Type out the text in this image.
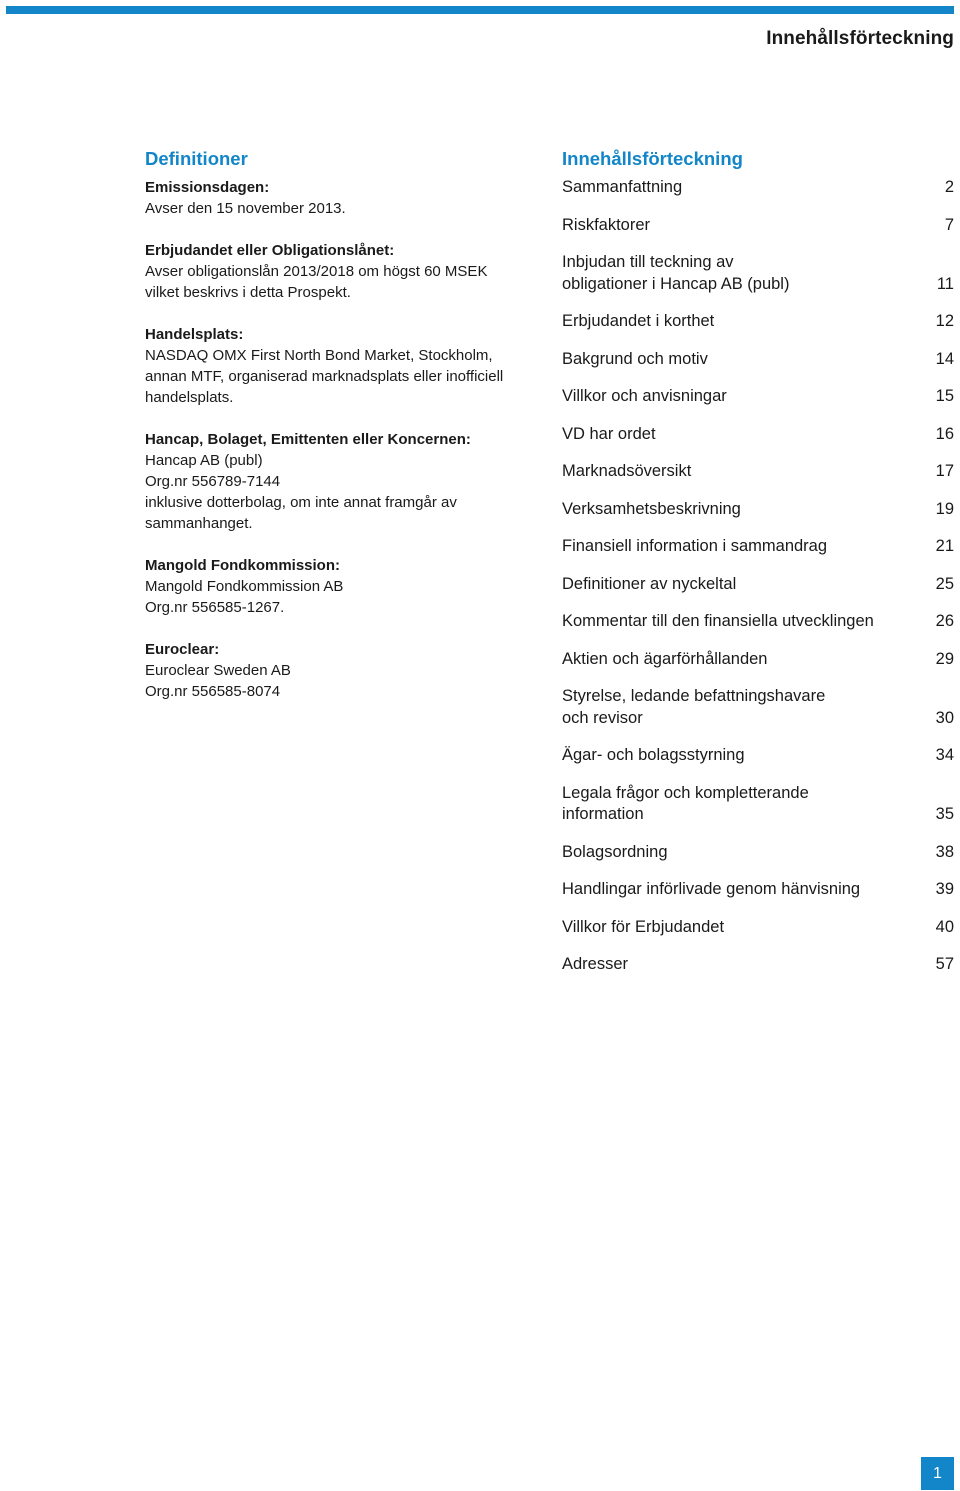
Innehållsförteckning
Definitioner
Emissionsdagen:
Avser den 15 november 2013.
Erbjudandet eller Obligationslånet:
Avser obligationslån 2013/2018 om högst 60 MSEK
vilket beskrivs i detta Prospekt.
Handelsplats:
NASDAQ OMX First North Bond Market, Stockholm,
annan MTF, organiserad marknadsplats eller inofficiell
handelsplats.
Hancap, Bolaget, Emittenten eller Koncernen:
Hancap AB (publ)
Org.nr 556789-7144
inklusive dotterbolag, om inte annat framgår av
sammanhanget.
Mangold Fondkommission:
Mangold Fondkommission AB
Org.nr 556585-1267.
Euroclear:
Euroclear Sweden AB
Org.nr 556585-8074
Innehållsförteckning
Sammanfattning	2
Riskfaktorer	7
Inbjudan till teckning av
obligationer i Hancap AB (publ)	11
Erbjudandet i korthet	12
Bakgrund och motiv	14
Villkor och anvisningar	15
VD har ordet	16
Marknadsöversikt	17
Verksamhetsbeskrivning	19
Finansiell information i sammandrag	21
Definitioner av nyckeltal	25
Kommentar till den finansiella utvecklingen	26
Aktien och ägarförhållanden	29
Styrelse, ledande befattningshavare
och revisor	30
Ägar- och bolagsstyrning	34
Legala frågor och kompletterande
information	35
Bolagsordning	38
Handlingar införlivade genom hänvisning	39
Villkor för Erbjudandet	40
Adresser	57
1
